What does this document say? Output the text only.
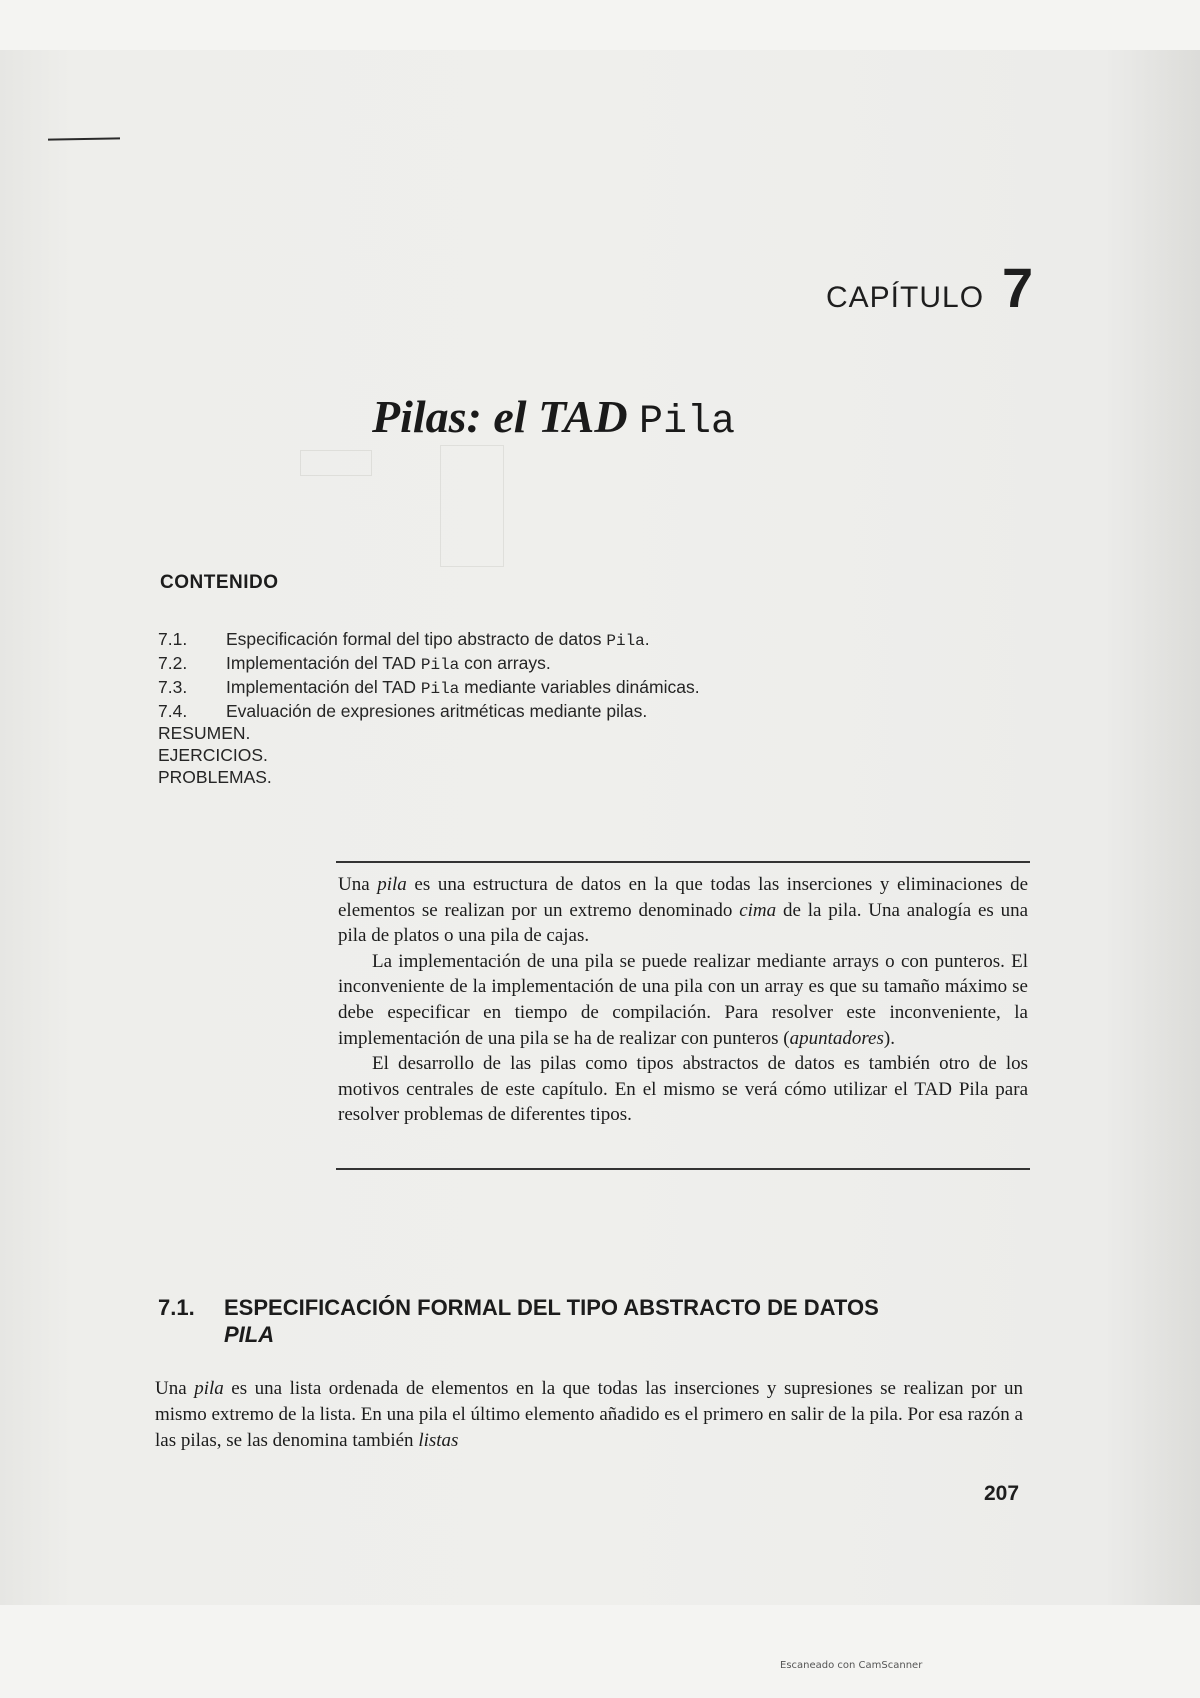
CAPÍTULO 7
Pilas: el TAD Pila
CONTENIDO
7.1.	Especificación formal del tipo abstracto de datos Pila.
7.2.	Implementación del TAD Pila con arrays.
7.3.	Implementación del TAD Pila mediante variables dinámicas.
7.4.	Evaluación de expresiones aritméticas mediante pilas.
RESUMEN.
EJERCICIOS.
PROBLEMAS.

Una pila es una estructura de datos en la que todas las inserciones y eliminaciones de elementos se realizan por un extremo denominado cima de la pila. Una analogía es una pila de platos o una pila de cajas.

La implementación de una pila se puede realizar mediante arrays o con punteros. El inconveniente de la implementación de una pila con un array es que su tamaño máximo se debe especificar en tiempo de compilación. Para resolver este inconveniente, la implementación de una pila se ha de realizar con punteros (apuntadores).

El desarrollo de las pilas como tipos abstractos de datos es también otro de los motivos centrales de este capítulo. En el mismo se verá cómo utilizar el TAD Pila para resolver problemas de diferentes tipos.

7.1.	ESPECIFICACIÓN FORMAL DEL TIPO ABSTRACTO DE DATOS PILA

Una pila es una lista ordenada de elementos en la que todas las inserciones y supresiones se realizan por un mismo extremo de la lista. En una pila el último elemento añadido es el primero en salir de la pila. Por esa razón a las pilas, se las denomina también listas

207
Escaneado con CamScanner
